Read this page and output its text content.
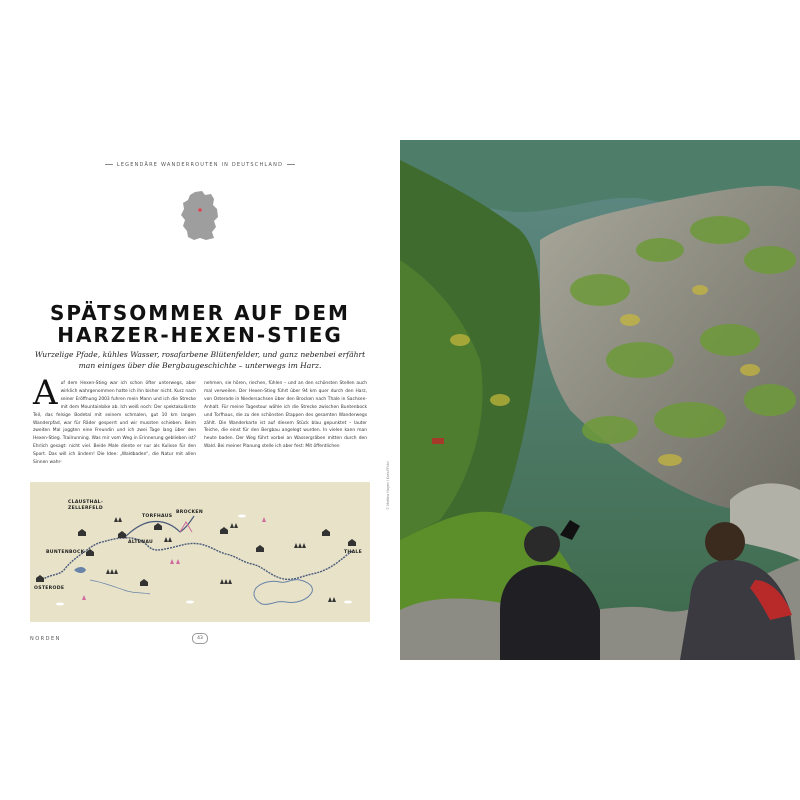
LEGENDÄRE WANDERROUTEN IN DEUTSCHLAND
SPÄTSOMMER AUF DEM
HARZER-HEXEN-STIEG
Wurzelige Pfade, kühles Wasser, rosafarbene Blütenfelder, und ganz nebenbei erfährt man einiges über die Bergbaugeschichte – unterwegs im Harz.
Auf dem Hexen-Stieg war ich schon öfter unterwegs, aber wirklich wahrgenommen hatte ich ihn bisher nicht. Kurz nach seiner Eröffnung 2003 fuhren mein Mann und ich die Strecke mit dem Mountainbike ab. Ich weiß noch: Der spektakulärste Teil, das felsige Bodetal mit seinem schmalen, gut 10 km langen Wanderpfad, war für Räder gesperrt und wir mussten schieben. Beim zweiten Mal joggten eine Freundin und ich zwei Tage lang über den Hexen-Stieg. Trailrunning. Was mir vom Weg in Erinnerung geblieben ist? Ehrlich gesagt: nicht viel. Beide Male diente er nur als Kulisse für den Sport. Das will ich ändern! Die Idee: „Waldbaden“, die Natur mit allen Sinnen wahr-
nehmen, sie hören, riechen, fühlen – und an den schönsten Stellen auch mal verweilen. Der Hexen-Stieg führt über 94 km quer durch den Harz, von Osterode in Niedersachsen über den Brocken nach Thale in Sachsen-Anhalt. Für meine Tagestour wähle ich die Strecke zwischen Buntenbock und Torfhaus, die zu den schönsten Etappen des gesamten Wanderwegs zählt. Die Wanderkarte ist auf diesem Stück blau gepunktet – lauter Teiche, die einst für den Bergbau angelegt wurden. In vielen kann man heute baden. Der Weg führt vorbei an Wassergräben mitten durch den Wald. Bei meiner Planung stelle ich aber fest: Mit öffentlichen
CLAUSTHAL-
ZELLERFELD
TORFHAUS
BROCKEN
ALTENAU
BUNTENBOCK	THALE
OSTERODE
NORDEN	43
© Martina Hagen / Kanal?Foto!
